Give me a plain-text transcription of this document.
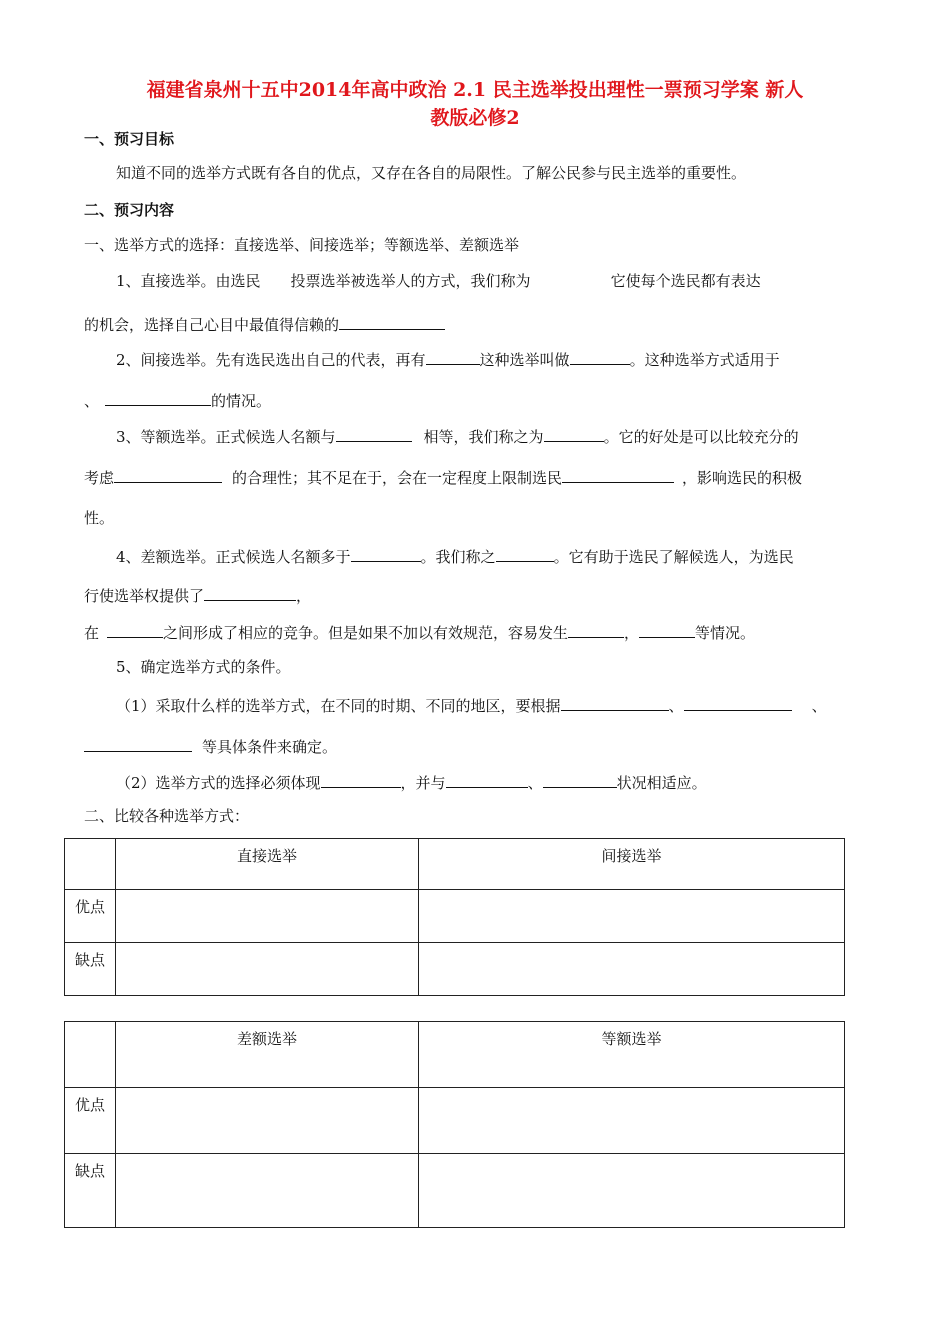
福建省泉州十五中2014年高中政治 2.1 民主选举投出理性一票预习学案 新人
教版必修2
一、预习目标
知道不同的选举方式既有各自的优点，又存在各自的局限性。了解公民参与民主选举的重要性。
二、预习内容
一、选举方式的选择：直接选举、间接选举；等额选举、差额选举
1、直接选举。由选民 投票选举被选举人的方式，我们称为	它使每个选民都有表达
的机会，选择自己心目中最值得信赖的
2、间接选举。先有选民选出自己的代表，再有	这种选举叫做	。这种选举方式适用于
、	的情况。
3、等额选举。正式候选人名额与	相等，我们称之为	。它的好处是可以比较充分的
考虑	的合理性；其不足在于，会在一定程度上限制选民	，影响选民的积极
性。
4、差额选举。正式候选人名额多于	。我们称之	。它有助于选民了解候选人，为选民
行使选举权提供了	，
在	之间形成了相应的竞争。但是如果不加以有效规范，容易发生	，	等情况。
5、确定选举方式的条件。
（1）采取什么样的选举方式，在不同的时期、不同的地区，要根据	、	、
等具体条件来确定。
（2）选举方式的选择必须体现	，并与	、	状况相适应。
二、比较各种选举方式：
	直接选举	间接选举
优点		
缺点		
	差额选举	等额选举
优点		
缺点		
